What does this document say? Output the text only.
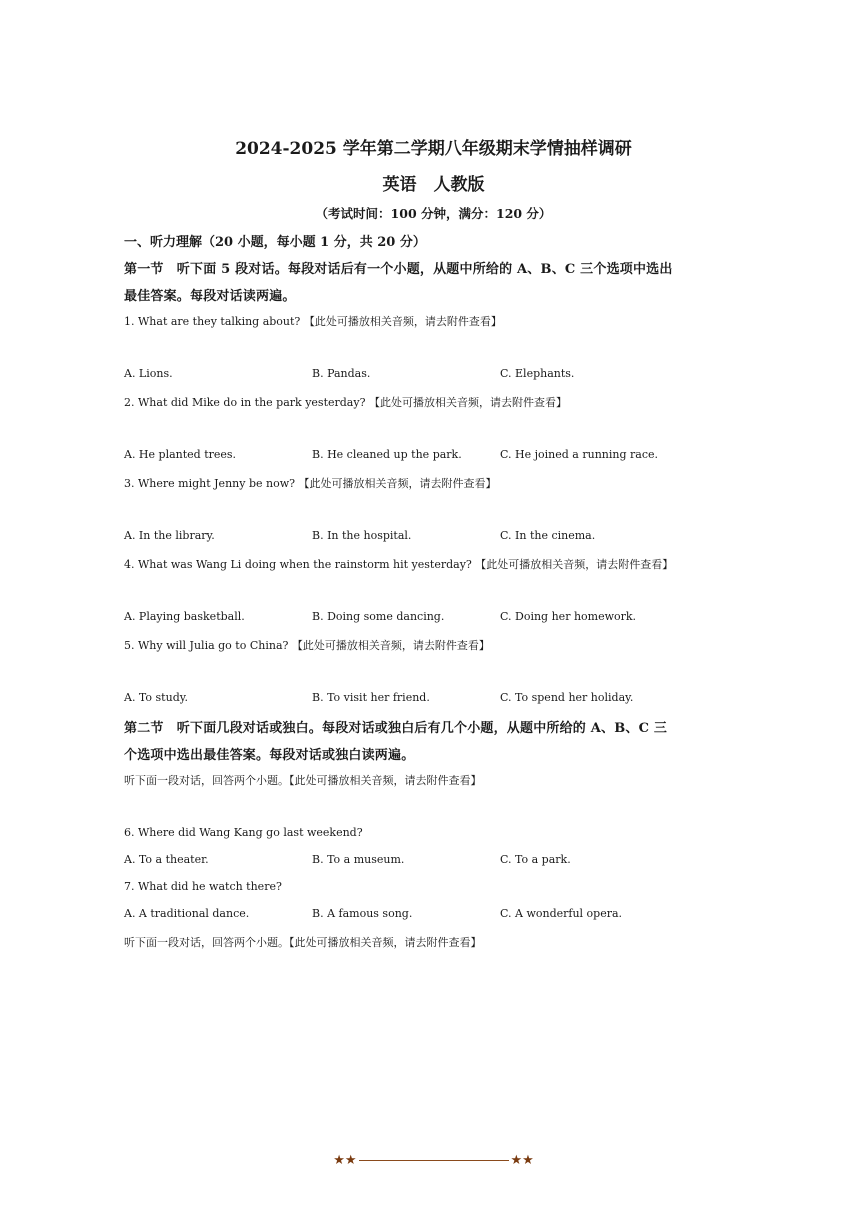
2024-2025 学年第二学期八年级期末学情抽样调研
英语　人教版
（考试时间：100 分钟，满分：120 分）
一、听力理解（20 小题，每小题 1 分，共 20 分）
第一节　听下面 5 段对话。每段对话后有一个小题，从题中所给的 A、B、C 三个选项中选出
最佳答案。每段对话读两遍。
1. What are they talking about? 【此处可播放相关音频，请去附件查看】
A. Lions.	B. Pandas.	C. Elephants.
2. What did Mike do in the park yesterday? 【此处可播放相关音频，请去附件查看】
A. He planted trees.	B. He cleaned up the park.	C. He joined a running race.
3. Where might Jenny be now? 【此处可播放相关音频，请去附件查看】
A. In the library.	B. In the hospital.	C. In the cinema.
4. What was Wang Li doing when the rainstorm hit yesterday? 【此处可播放相关音频，请去附件查看】
A. Playing basketball.	B. Doing some dancing.	C. Doing her homework.
5. Why will Julia go to China? 【此处可播放相关音频，请去附件查看】
A. To study.	B. To visit her friend.	C. To spend her holiday.
第二节　听下面几段对话或独白。每段对话或独白后有几个小题，从题中所给的 A、B、C 三
个选项中选出最佳答案。每段对话或独白读两遍。
听下面一段对话，回答两个小题。【此处可播放相关音频，请去附件查看】
6. Where did Wang Kang go last weekend?
A. To a theater.	B. To a museum.	C. To a park.
7. What did he watch there?
A. A traditional dance.	B. A famous song.	C. A wonderful opera.
听下面一段对话，回答两个小题。【此处可播放相关音频，请去附件查看】
★★	★★
